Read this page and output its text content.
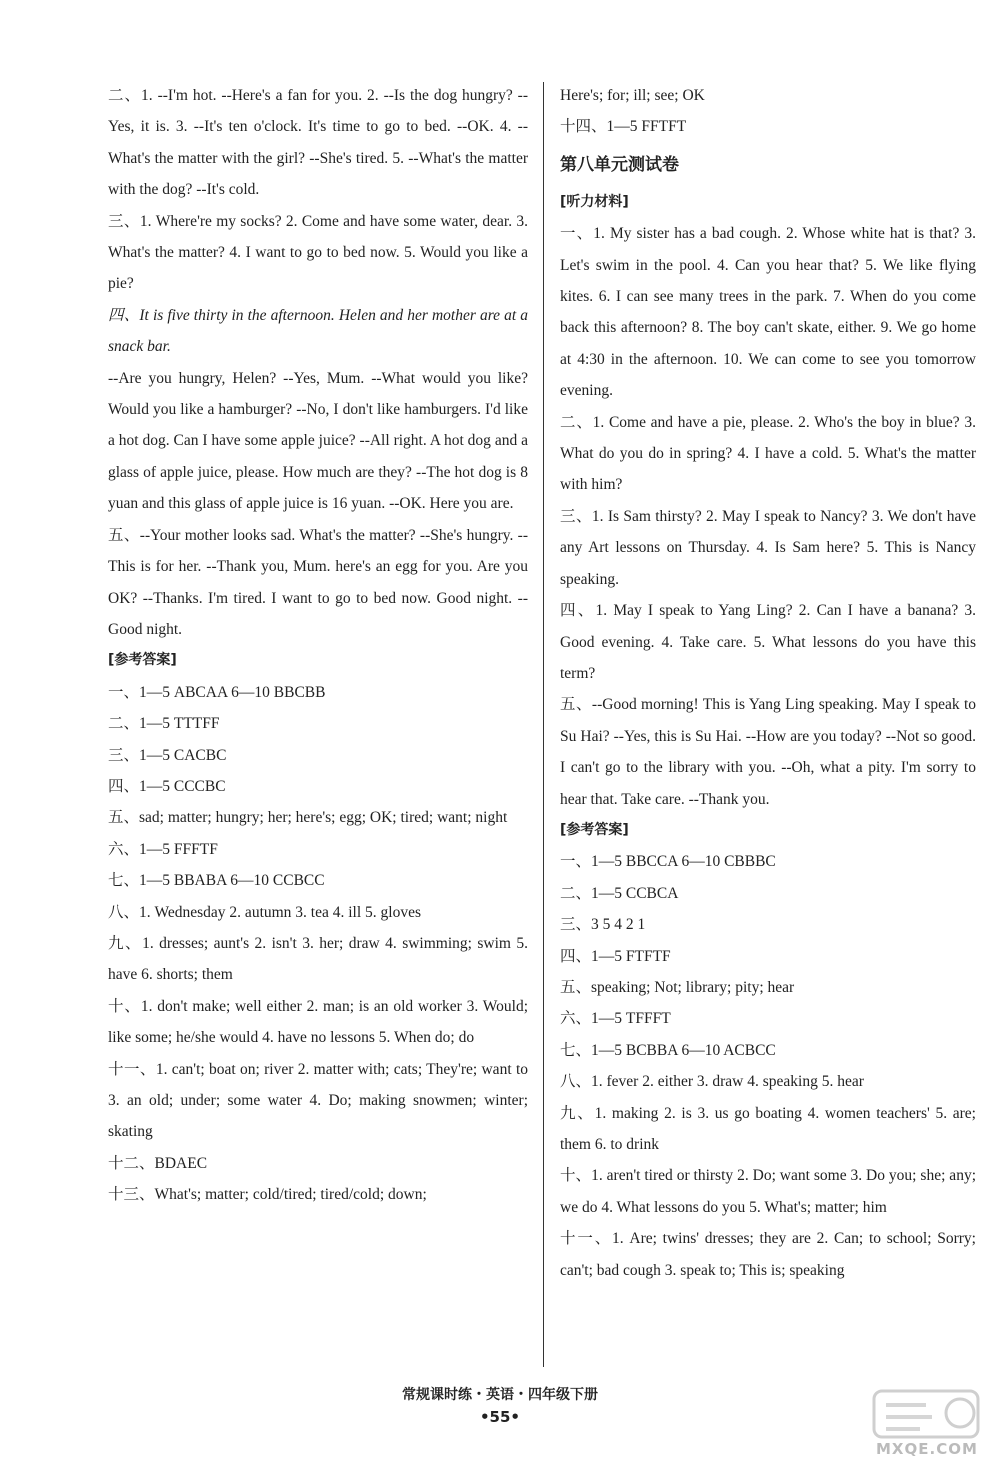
二、1. --I'm hot. --Here's a fan for you. 2. --Is the dog hungry? --Yes, it is. 3. --It's ten o'clock. It's time to go to bed. --OK. 4. --What's the matter with the girl? --She's tired. 5. --What's the matter with the dog? --It's cold.

三、1. Where're my socks? 2. Come and have some water, dear. 3. What's the matter? 4. I want to go to bed now. 5. Would you like a pie?

四、It is five thirty in the afternoon. Helen and her mother are at a snack bar.

--Are you hungry, Helen? --Yes, Mum. --What would you like? Would you like a hamburger? --No, I don't like hamburgers. I'd like a hot dog. Can I have some apple juice? --All right. A hot dog and a glass of apple juice, please. How much are they? --The hot dog is 8 yuan and this glass of apple juice is 16 yuan. --OK. Here you are.

五、--Your mother looks sad. What's the matter? --She's hungry. --This is for her. --Thank you, Mum. here's an egg for you. Are you OK? --Thanks. I'm tired. I want to go to bed now. Good night. --Good night.

[参考答案]

一、1—5 ABCAA 6—10 BBCBB

二、1—5 TTTFF

三、1—5 CACBC

四、1—5 CCCBC

五、sad; matter; hungry; her; here's; egg; OK; tired; want; night

六、1—5 FFFTF

七、1—5 BBABA 6—10 CCBCC

八、1. Wednesday 2. autumn 3. tea 4. ill 5. gloves

九、1. dresses; aunt's 2. isn't 3. her; draw 4. swimming; swim 5. have 6. shorts; them

十、1. don't make; well either 2. man; is an old worker 3. Would; like some; he/she would 4. have no lessons 5. When do; do

十一、1. can't; boat on; river 2. matter with; cats; They're; want to 3. an old; under; some water 4. Do; making snowmen; winter; skating

十二、BDAEC

十三、What's; matter; cold/tired; tired/cold; down;

Here's; for; ill; see; OK

十四、1—5 FFTFT

第八单元测试卷

[听力材料]

一、1. My sister has a bad cough. 2. Whose white hat is that? 3. Let's swim in the pool. 4. Can you hear that? 5. We like flying kites. 6. I can see many trees in the park. 7. When do you come back this afternoon? 8. The boy can't skate, either. 9. We go home at 4:30 in the afternoon. 10. We can come to see you tomorrow evening.

二、1. Come and have a pie, please. 2. Who's the boy in blue? 3. What do you do in spring? 4. I have a cold. 5. What's the matter with him?

三、1. Is Sam thirsty? 2. May I speak to Nancy? 3. We don't have any Art lessons on Thursday. 4. Is Sam here? 5. This is Nancy speaking.

四、1. May I speak to Yang Ling? 2. Can I have a banana? 3. Good evening. 4. Take care. 5. What lessons do you have this term?

五、--Good morning! This is Yang Ling speaking. May I speak to Su Hai? --Yes, this is Su Hai. --How are you today? --Not so good. I can't go to the library with you. --Oh, what a pity. I'm sorry to hear that. Take care. --Thank you.

[参考答案]

一、1—5 BBCCA 6—10 CBBBC

二、1—5 CCBCA

三、3 5 4 2 1

四、1—5 FTFTF

五、speaking; Not; library; pity; hear

六、1—5 TFFFT

七、1—5 BCBBA 6—10 ACBCC

八、1. fever 2. either 3. draw 4. speaking 5. hear

九、1. making 2. is 3. us go boating 4. women teachers' 5. are; them 6. to drink

十、1. aren't tired or thirsty 2. Do; want some 3. Do you; she; any; we do 4. What lessons do you 5. What's; matter; him

十一、1. Are; twins' dresses; they are 2. Can; to school; Sorry; can't; bad cough 3. speak to; This is; speaking

常规课时练・英语・四年级下册
•55•
MXQE.COM
